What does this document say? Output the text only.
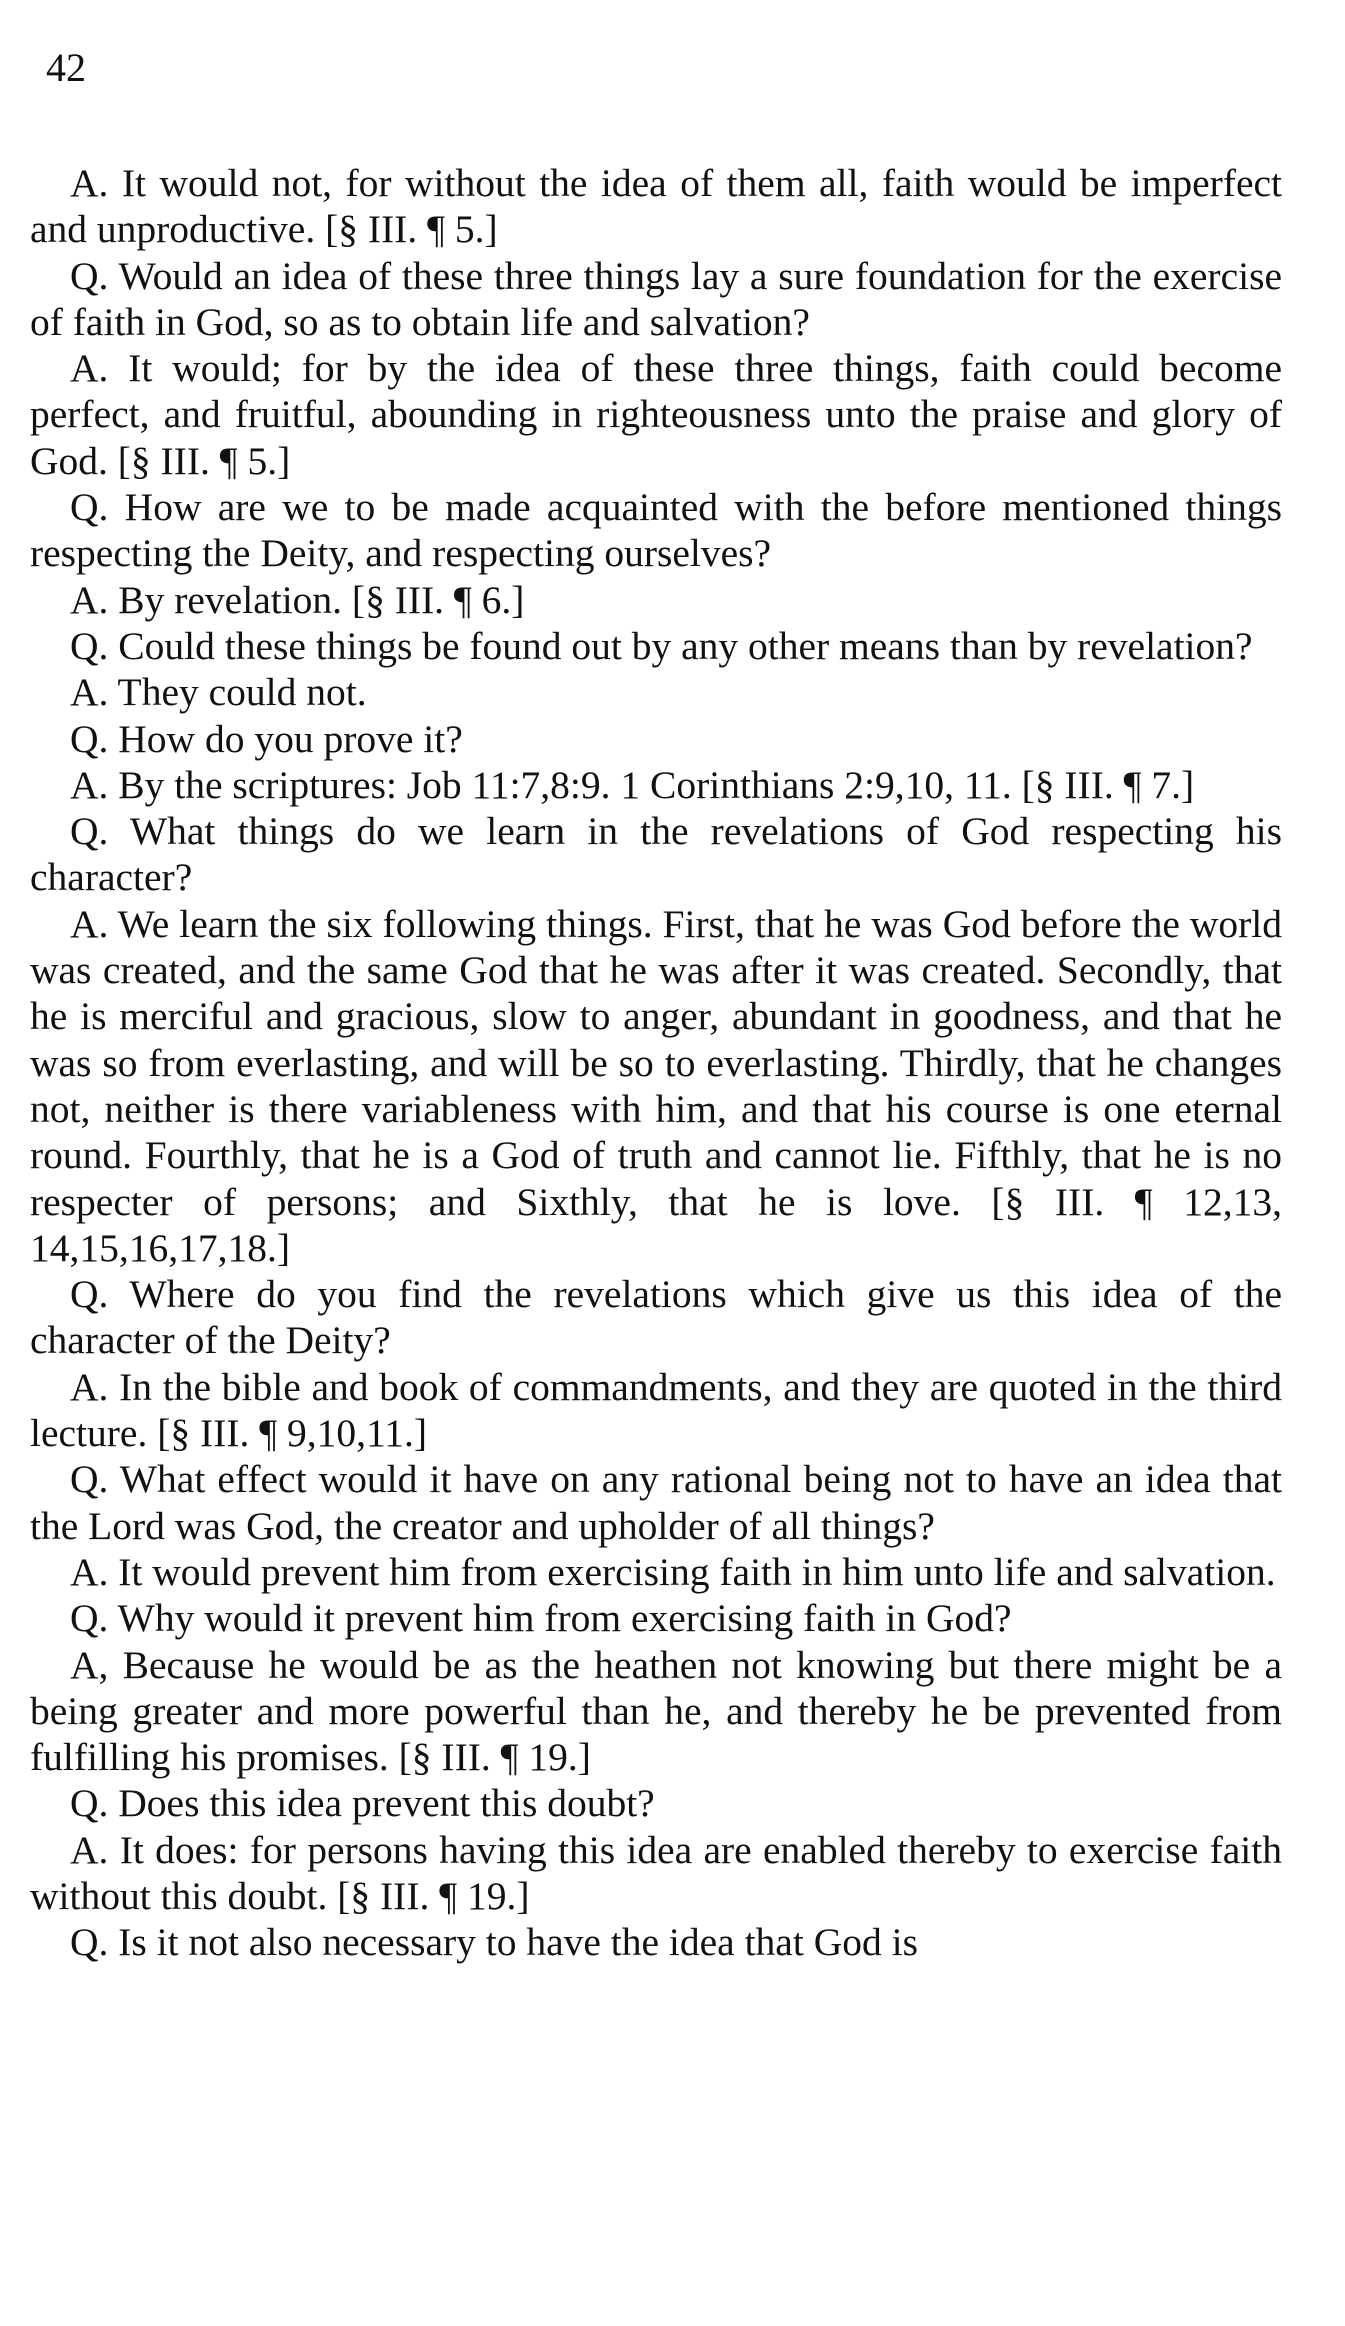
42

A. It would not, for without the idea of them all, faith would be imperfect and unproductive. [§ III. ¶ 5.]

Q. Would an idea of these three things lay a sure foundation for the exercise of faith in God, so as to obtain life and salvation?

A. It would; for by the idea of these three things, faith could become perfect, and fruitful, abounding in righteousness unto the praise and glory of God. [§ III. ¶ 5.]

Q. How are we to be made acquainted with the before mentioned things respecting the Deity, and respecting ourselves?

A. By revelation. [§ III. ¶ 6.]

Q. Could these things be found out by any other means than by revelation?

A. They could not.

Q. How do you prove it?

A. By the scriptures: Job 11:7,8:9. 1 Corinthians 2:9,10, 11. [§ III. ¶ 7.]

Q. What things do we learn in the revelations of God respecting his character?

A. We learn the six following things. First, that he was God before the world was created, and the same God that he was after it was created. Secondly, that he is merciful and gracious, slow to anger, abundant in goodness, and that he was so from everlasting, and will be so to everlasting. Thirdly, that he changes not, neither is there variableness with him, and that his course is one eternal round. Fourthly, that he is a God of truth and cannot lie. Fifthly, that he is no respecter of persons; and Sixthly, that he is love. [§ III. ¶ 12,13, 14,15,16,17,18.]

Q. Where do you find the revelations which give us this idea of the character of the Deity?

A. In the bible and book of commandments, and they are quoted in the third lecture. [§ III. ¶ 9,10,11.]

Q. What effect would it have on any rational being not to have an idea that the Lord was God, the creator and upholder of all things?

A. It would prevent him from exercising faith in him unto life and salvation.

Q. Why would it prevent him from exercising faith in God?

A, Because he would be as the heathen not knowing but there might be a being greater and more powerful than he, and thereby he be prevented from fulfilling his promises. [§ III. ¶ 19.]

Q. Does this idea prevent this doubt?

A. It does: for persons having this idea are enabled thereby to exercise faith without this doubt. [§ III. ¶ 19.]

Q. Is it not also necessary to have the idea that God is
